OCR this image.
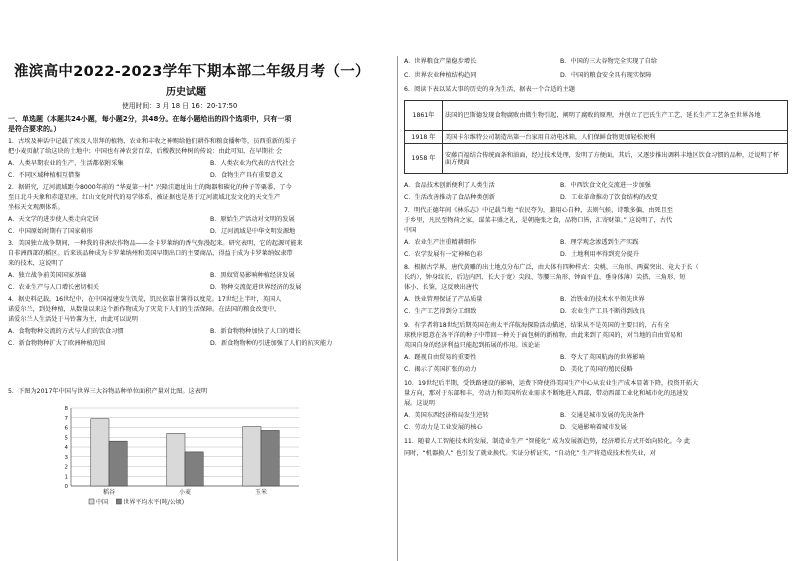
淮滨高中2022-2023学年下期本部二年级月考（一）
历史试题
使用时间：3 月 18 日 16：20-17:50
一、单选题（本题共24小题，每小题2分，共48分。在每小题给出的四个选项中，只有一项
是符合要求的。）
1．古埃及神话中记载了埃及人崇拜的植物、农业和丰收之神赐给他们耕作和粮食播种等，员西重新的栗子
把小麦页献了给这块的土地中；中国也有神农尝百草，后稷教民种树的传说：由此可知，在早期社 会
A．人类早期农业的生产、生活都依附采集	B．人类农业为代表的古代社会
C．不同区域种植相互借鉴	D．食物生产具有重要意义
2．据研究，辽河流域距今8000年前的 “华夏第一村” 兴隆洼遗址出土的陶器和碳化的种子等粟黍，了今
至日北斗天象和赤道星座，红山文化时代的易学体系，被证据也是基于辽河流域北发文化的天文生产
坐标天文观测体系。
A．天文学的进步使人类走向定居	B．原始生产活动对文明的发展
C．中国原始时期有了国家萌形	D．辽河流域是中华文明发源地
3．美国独立战争期间，一种我的非洲农作物品——金卡罗莱纳的香气弥漫起来。研究表明，它的起源可能来
自非洲西部的稻区。后来该品种成为卡罗莱纳州和美国早期出口的主要商品，得益于成为卡罗莱纳奴隶带
来的技术，这说明了
A．独立战争前美国国家基础	B．黑奴贸易影响种植经济发展
C．农业生产与人口增长密切相关	D．物种交流促进世界经济的发展
4．据史料记载，16世纪中，在中国福建发生饥荒，饥民依靠甘薯得以度荒。17世纪上半叶，英国人
诺爱尔兰，到处种植，从数量以来这个新作物成为了灾荒下人们的生活保障。在法国的粮食改变中，
诺爱尔兰人生活处于马铃薯为主，由此可以说明
A．食物物种交流的方式与人们的饮食习惯	B．新食物物种加快了人口的增长
C．新食物物种扩大了欧洲种植范围	D．新食物物种的引进加强了人们的抗灾能力
5．下图为2017年中国与世界三大谷物品种单位面积产量对比图。这表明
0
1
2
3
4
5
6
7
8
稻谷	小麦	玉米
中国	世界平均水平(吨/公顷)
A．世界粮食产量稳步增长	B．中国的三大谷物完全实现了自给
C．世界农业种植结构趋同	D．中国的粮食安全具有现实保障
6．阅读下表以某大事的历史的身为生活，据表一个合适的主题
1861年	法国的巴斯德发现食物腐败由微生物引起，阐明了腐败的原理，并创立了巴氏生产工艺，延长生产工艺条至世界各地
1918 年	美国卡尔维特公司制造出第一台家用自动电冰箱，人们保鲜食物更加轻松便利
1958 年	安藤百福结合传统面条和油面，经过技术处理，发明了方便面，其后，又逐步推出调料丰地区饮食习惯的品种，迁说明了杯面方便面
A．食品技术创新便利了人类生活	B．中西饮食文化交流进一步加强
C．生活改善推动了食品种类创新	D．工业革命推动了饮食结构的改变
7．明代正德年间《林乐志》中记载当地 “农民夸为，兼用心自种，去则气候，诗歌多偏，由死且至
于乡里，凡民至物荷之家，谋菜丰盛之礼，是朝施张之食，品物口皆，汇寄财第。” 这说明了，古代
中国
A．农业生产注重精耕细作	B．理学观念渗透到生产实践
C．农学发展有一定神秘色彩	D．土地利用率得到充分提升
8．根据古学界，唐代黄雕的出土地点分布广泛，由大体有四种样式：尖桃、三角形、两翼突出、竟大于长（
长约），钟身纹长，后边内凹、长大于宽）尖段、等腰三角形、钟面平直、垂身体薄）尖搭、三角形、短
体小、长鉴，这反映出唐代
A．铁业管理保证了产品质量	B．冶铁业的技术水平领先世界
C．生产工艺得到分工细致	D．农业生产工具不断得到改良
9．有学者将18世纪后期英国在南太平洋航海探险活动描述，结果从不是英国的主要目的，占有全
球秩序愿意在各平洋的种子中带回一种关于面包树的新植物，由此来到了英国的，对当地的自由贸易和
英国自身的经济利益只能起到拓展的作用。该论证
A．蹉视自由贸易的重要性	B．夸大了英国航海的世界影响
C．揭示了英国扩张的动力	D．美化了英国的殖民侵略
10．19世纪后半期，受铁路建设的影响，运费下降使得美国生产中心从农业生产成本显著下降，投资开拓大
量方向，那对于东部和丰，劳动力和美国所农业需求不断地进入西部，带动西部工业化和城市化的迅速发
展。这说明
A．美国东西经济格局发生逆转	B．交通是城市发展的先决条件
C．劳动力是工业发展的核心	D．交通影响着城市发展
11．随着人工智能技术的发展，制造业生产 “智能化” 成为发展新趋势，经济增长方式开始向转化。今 此
同时，“机器换人” 也引发了就业换代。实证分析证实，“自动化” 生产将造成技术性失业，对
